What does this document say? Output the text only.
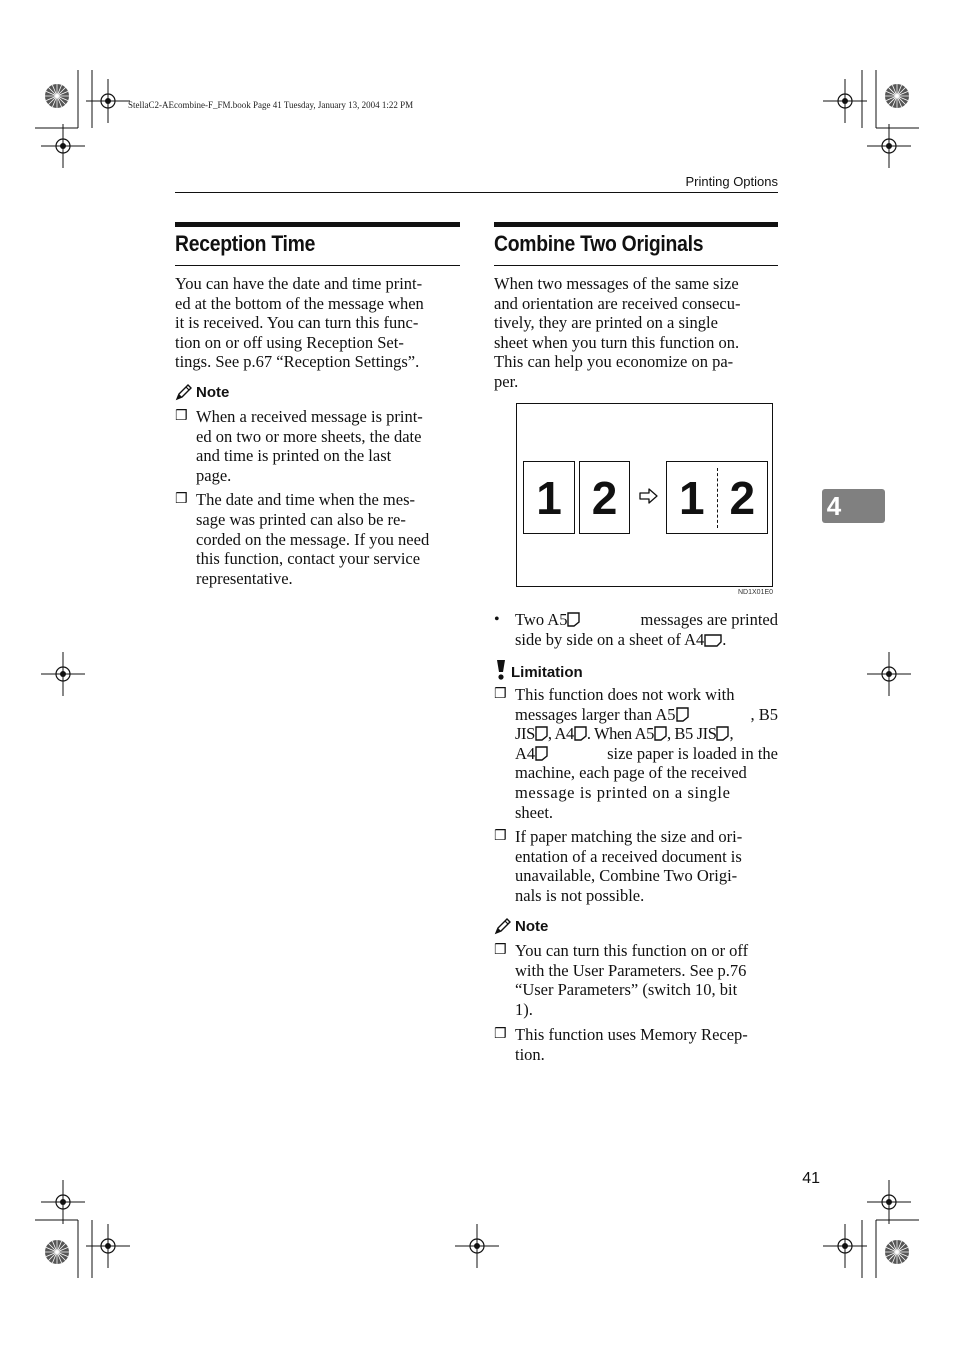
StellaC2-AEcombine-F_FM.book Page 41 Tuesday, January 13, 2004 1:22 PM
Printing Options
Reception Time
You can have the date and time print-
ed at the bottom of the message when
it is received. You can turn this func-
tion on or off using Reception Set-
tings. See p.67 “Reception Settings”.
Note
❒ When a received message is print-
ed on two or more sheets, the date
and time is printed on the last
page.
❒ The date and time when the mes-
sage was printed can also be re-
corded on the message. If you need
this function, contact your service
representative.
Combine Two Originals
When two messages of the same size
and orientation are received consecu-
tively, they are printed on a single
sheet when you turn this function on.
This can help you economize on pa-
per.
1 2 1 2
ND1X01E0
• Two A5	messages are printed
side by side on a sheet of A4 .
Limitation
❒ This function does not work with
messages larger than A5	, B5
JIS , A4 . When A5 , B5 JIS ,
A4	size paper is loaded in the
machine, each page of the received
message is printed on a single
sheet.
❒ If paper matching the size and ori-
entation of a received document is
unavailable, Combine Two Origi-
nals is not possible.
Note
❒ You can turn this function on or off
with the User Parameters. See p.76
“User Parameters” (switch 10, bit
1).
❒ This function uses Memory Recep-
tion.
4
41
